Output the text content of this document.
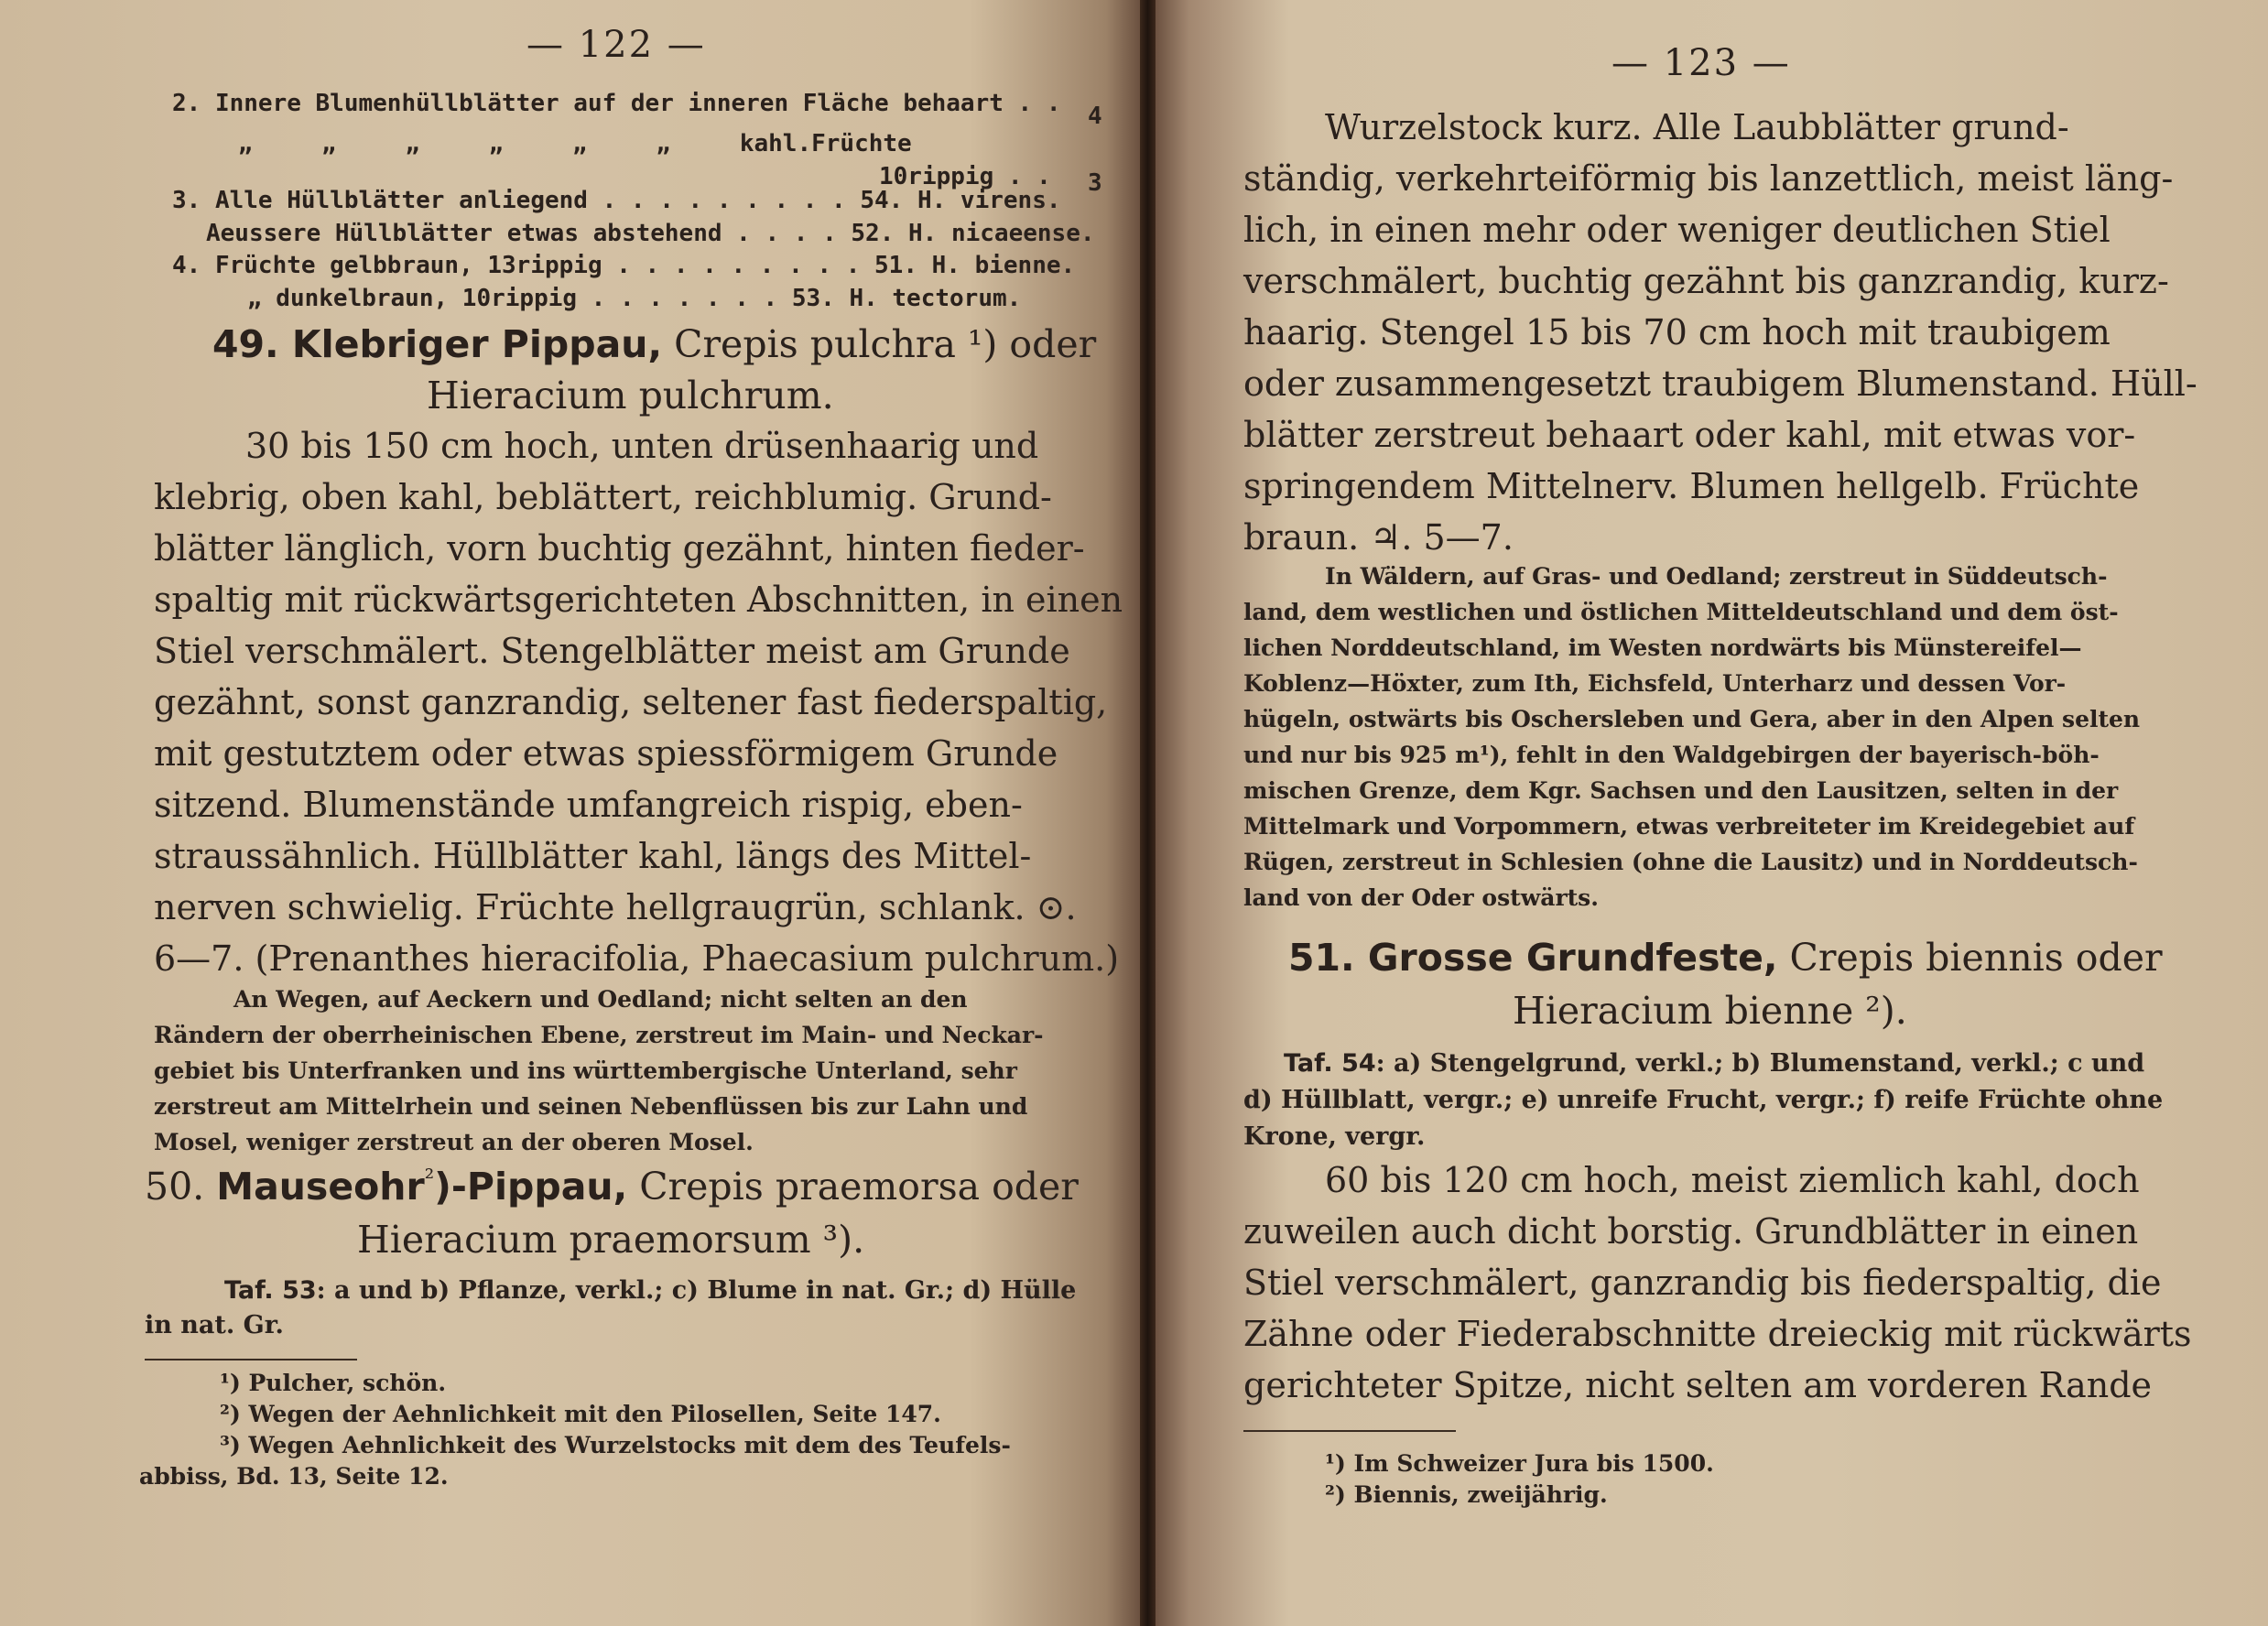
— 122 —
2. Innere Blumenhüllblätter auf der inneren Fläche behaart . . 4
„ „ „ „ „ „ kahl.Früchte
10rippig . . 3
3. Alle Hüllblätter anliegend . . . . . . . . . 54. H. virens.
Aeussere Hüllblätter etwas abstehend . . . . 52. H. nicaeense.
4. Früchte gelbbraun, 13rippig . . . . . . . . . 51. H. bienne.
„ dunkelbraun, 10rippig . . . . . . . 53. H. tectorum.
49. Klebriger Pippau, Crepis pulchra ¹) oder
Hieracium pulchrum.
30 bis 150 cm hoch, unten drüsenhaarig und
klebrig, oben kahl, beblättert, reichblumig. Grund-
blätter länglich, vorn buchtig gezähnt, hinten fieder-
spaltig mit rückwärtsgerichteten Abschnitten, in einen
Stiel verschmälert. Stengelblätter meist am Grunde
gezähnt, sonst ganzrandig, seltener fast fiederspaltig,
mit gestutztem oder etwas spiessförmigem Grunde
sitzend. Blumenstände umfangreich rispig, eben-
straussähnlich. Hüllblätter kahl, längs des Mittel-
nerven schwielig. Früchte hellgraugrün, schlank. ⊙.
6—7. (Prenanthes hieracifolia, Phaecasium pulchrum.)
An Wegen, auf Aeckern und Oedland; nicht selten an den
Rändern der oberrheinischen Ebene, zerstreut im Main- und Neckar-
gebiet bis Unterfranken und ins württembergische Unterland, sehr
zerstreut am Mittelrhein und seinen Nebenflüssen bis zur Lahn und
Mosel, weniger zerstreut an der oberen Mosel.
50. Mauseohr$^{^2}$)-Pippau, Crepis praemorsa oder
Hieracium praemorsum ³).
Taf. 53: a und b) Pflanze, verkl.; c) Blume in nat. Gr.; d) Hülle
in nat. Gr.
¹) Pulcher, schön.
²) Wegen der Aehnlichkeit mit den Pilosellen, Seite 147.
³) Wegen Aehnlichkeit des Wurzelstocks mit dem des Teufels-
abbiss, Bd. 13, Seite 12.
— 123 —
Wurzelstock kurz. Alle Laubblätter grund-
ständig, verkehrteiförmig bis lanzettlich, meist läng-
lich, in einen mehr oder weniger deutlichen Stiel
verschmälert, buchtig gezähnt bis ganzrandig, kurz-
haarig. Stengel 15 bis 70 cm hoch mit traubigem
oder zusammengesetzt traubigem Blumenstand. Hüll-
blätter zerstreut behaart oder kahl, mit etwas vor-
springendem Mittelnerv. Blumen hellgelb. Früchte
braun. ♃. 5—7.
In Wäldern, auf Gras- und Oedland; zerstreut in Süddeutsch-
land, dem westlichen und östlichen Mitteldeutschland und dem öst-
lichen Norddeutschland, im Westen nordwärts bis Münstereifel—
Koblenz—Höxter, zum Ith, Eichsfeld, Unterharz und dessen Vor-
hügeln, ostwärts bis Oschersleben und Gera, aber in den Alpen selten
und nur bis 925 m¹), fehlt in den Waldgebirgen der bayerisch-böh-
mischen Grenze, dem Kgr. Sachsen und den Lausitzen, selten in der
Mittelmark und Vorpommern, etwas verbreiteter im Kreidegebiet auf
Rügen, zerstreut in Schlesien (ohne die Lausitz) und in Norddeutsch-
land von der Oder ostwärts.
51. Grosse Grundfeste, Crepis biennis oder
Hieracium bienne ²).
Taf. 54: a) Stengelgrund, verkl.; b) Blumenstand, verkl.; c und
d) Hüllblatt, vergr.; e) unreife Frucht, vergr.; f) reife Früchte ohne
Krone, vergr.
60 bis 120 cm hoch, meist ziemlich kahl, doch
zuweilen auch dicht borstig. Grundblätter in einen
Stiel verschmälert, ganzrandig bis fiederspaltig, die
Zähne oder Fiederabschnitte dreieckig mit rückwärts
gerichteter Spitze, nicht selten am vorderen Rande
¹) Im Schweizer Jura bis 1500.
²) Biennis, zweijährig.
